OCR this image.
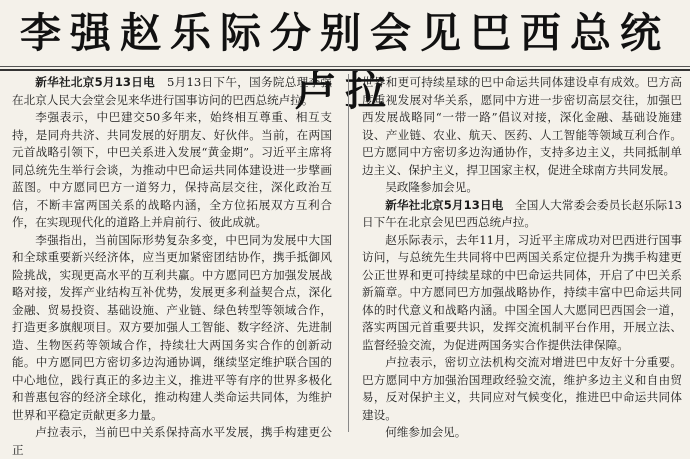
李强赵乐际分别会见巴西总统卢拉

新华社北京5月13日电　5月13日下午，国务院总理李强在北京人民大会堂会见来华进行国事访问的巴西总统卢拉。

李强表示，中巴建交50多年来，始终相互尊重、相互支持，是同舟共济、共同发展的好朋友、好伙伴。当前，在两国元首战略引领下，中巴关系进入发展“黄金期”。习近平主席将同总统先生举行会谈，为推动中巴命运共同体建设进一步擘画蓝图。中方愿同巴方一道努力，保持高层交往，深化政治互信，不断丰富两国关系的战略内涵，全方位拓展双方互利合作，在实现现代化的道路上并肩前行、彼此成就。

李强指出，当前国际形势复杂多变，中巴同为发展中大国和全球重要新兴经济体，应当更加紧密团结协作，携手抵御风险挑战，实现更高水平的互利共赢。中方愿同巴方加强发展战略对接，发挥产业结构互补优势，发展更多利益契合点，深化金融、贸易投资、基础设施、产业链、绿色转型等领域合作，打造更多旗舰项目。双方要加强人工智能、数字经济、先进制造、生物医药等领域合作，持续壮大两国务实合作的创新动能。中方愿同巴方密切多边沟通协调，继续坚定维护联合国的中心地位，践行真正的多边主义，推进平等有序的世界多极化和普惠包容的经济全球化，推动构建人类命运共同体，为维护世界和平稳定贡献更多力量。

卢拉表示，当前巴中关系保持高水平发展，携手构建更公正

世界和更可持续星球的巴中命运共同体建设卓有成效。巴方高度重视发展对华关系，愿同中方进一步密切高层交往，加强巴西发展战略同“一带一路”倡议对接，深化金融、基础设施建设、产业链、农业、航天、医药、人工智能等领域互利合作。巴方愿同中方密切多边沟通协作，支持多边主义，共同抵制单边主义、保护主义，捍卫国家主权，促进全球南方共同发展。

吴政隆参加会见。

新华社北京5月13日电　全国人大常委会委员长赵乐际13日下午在北京会见巴西总统卢拉。

赵乐际表示，去年11月，习近平主席成功对巴西进行国事访问，与总统先生共同将中巴两国关系定位提升为携手构建更公正世界和更可持续星球的中巴命运共同体，开启了中巴关系新篇章。中方愿同巴方加强战略协作，持续丰富中巴命运共同体的时代意义和战略内涵。中国全国人大愿同巴西国会一道，落实两国元首重要共识，发挥交流机制平台作用，开展立法、监督经验交流，为促进两国务实合作提供法律保障。

卢拉表示，密切立法机构交流对增进巴中友好十分重要。巴方愿同中方加强治国理政经验交流，维护多边主义和自由贸易，反对保护主义，共同应对气候变化，推进巴中命运共同体建设。

何维参加会见。
